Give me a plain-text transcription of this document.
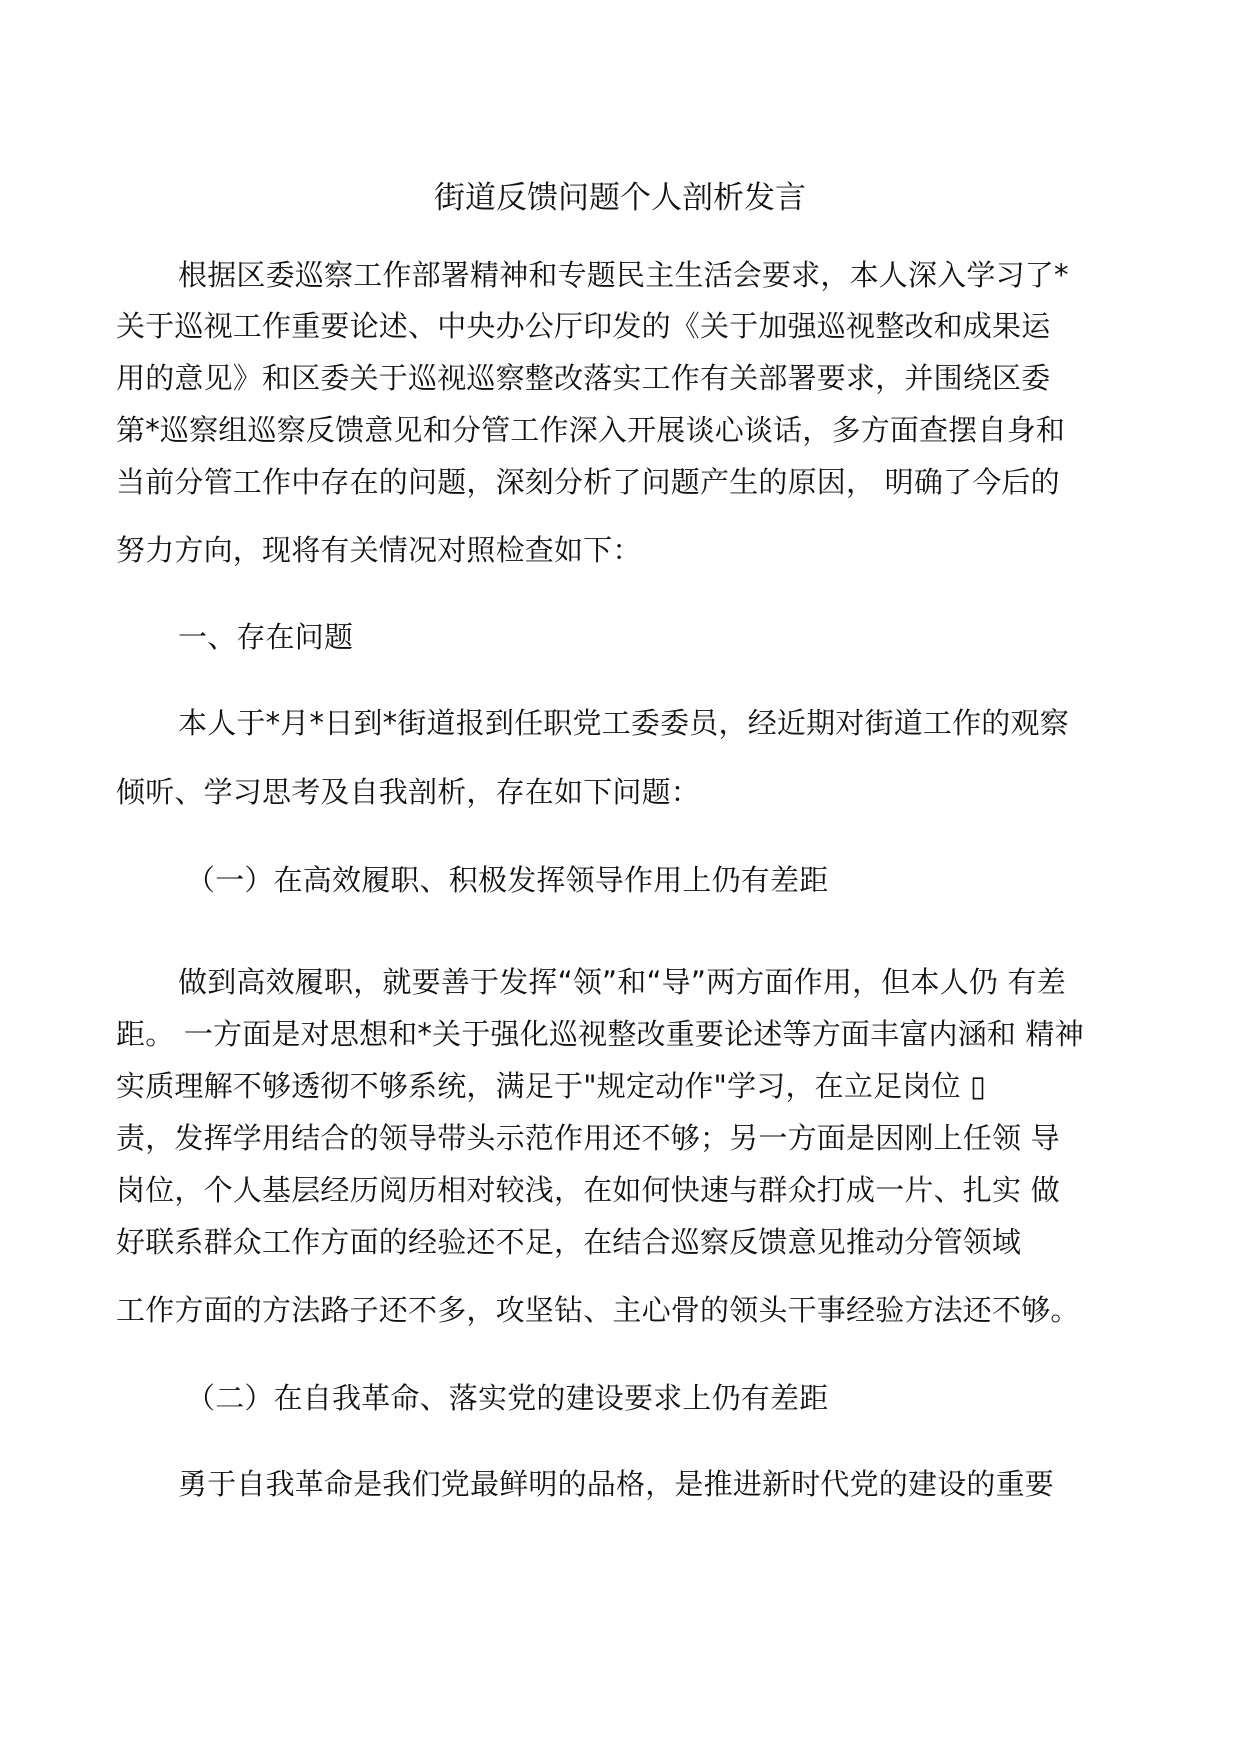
街道反馈问题个人剖析发言
根据区委巡察工作部署精神和专题民主生活会要求，本人深入学习了*
关于巡视工作重要论述、中央办公厅印发的《关于加强巡视整改和成果运
用的意见》和区委关于巡视巡察整改落实工作有关部署要求，并围绕区委
第*巡察组巡察反馈意见和分管工作深入开展谈心谈话，多方面查摆自身和
当前分管工作中存在的问题，深刻分析了问题产生的原因， 明确了今后的
努力方向，现将有关情况对照检查如下：
一、存在问题
本人于*月*日到*街道报到任职党工委委员，经近期对街道工作的观察
倾听、学习思考及自我剖析，存在如下问题：
（一）在高效履职、积极发挥领导作用上仍有差距
做到高效履职，就要善于发挥“领”和“导”两方面作用，但本人仍 有差
距。 一方面是对思想和*关于强化巡视整改重要论述等方面丰富内涵和 精神
实质理解不够透彻不够系统，满足于"规定动作"学习，在立足岗位 ▯
责，发挥学用结合的领导带头示范作用还不够；另一方面是因刚上任领 导
岗位，个人基层经历阅历相对较浅，在如何快速与群众打成一片、扎实 做
好联系群众工作方面的经验还不足，在结合巡察反馈意见推动分管领域
工作方面的方法路子还不多，攻坚钻、主心骨的领头干事经验方法还不够。
（二）在自我革命、落实党的建设要求上仍有差距
勇于自我革命是我们党最鲜明的品格，是推进新时代党的建设的重要
